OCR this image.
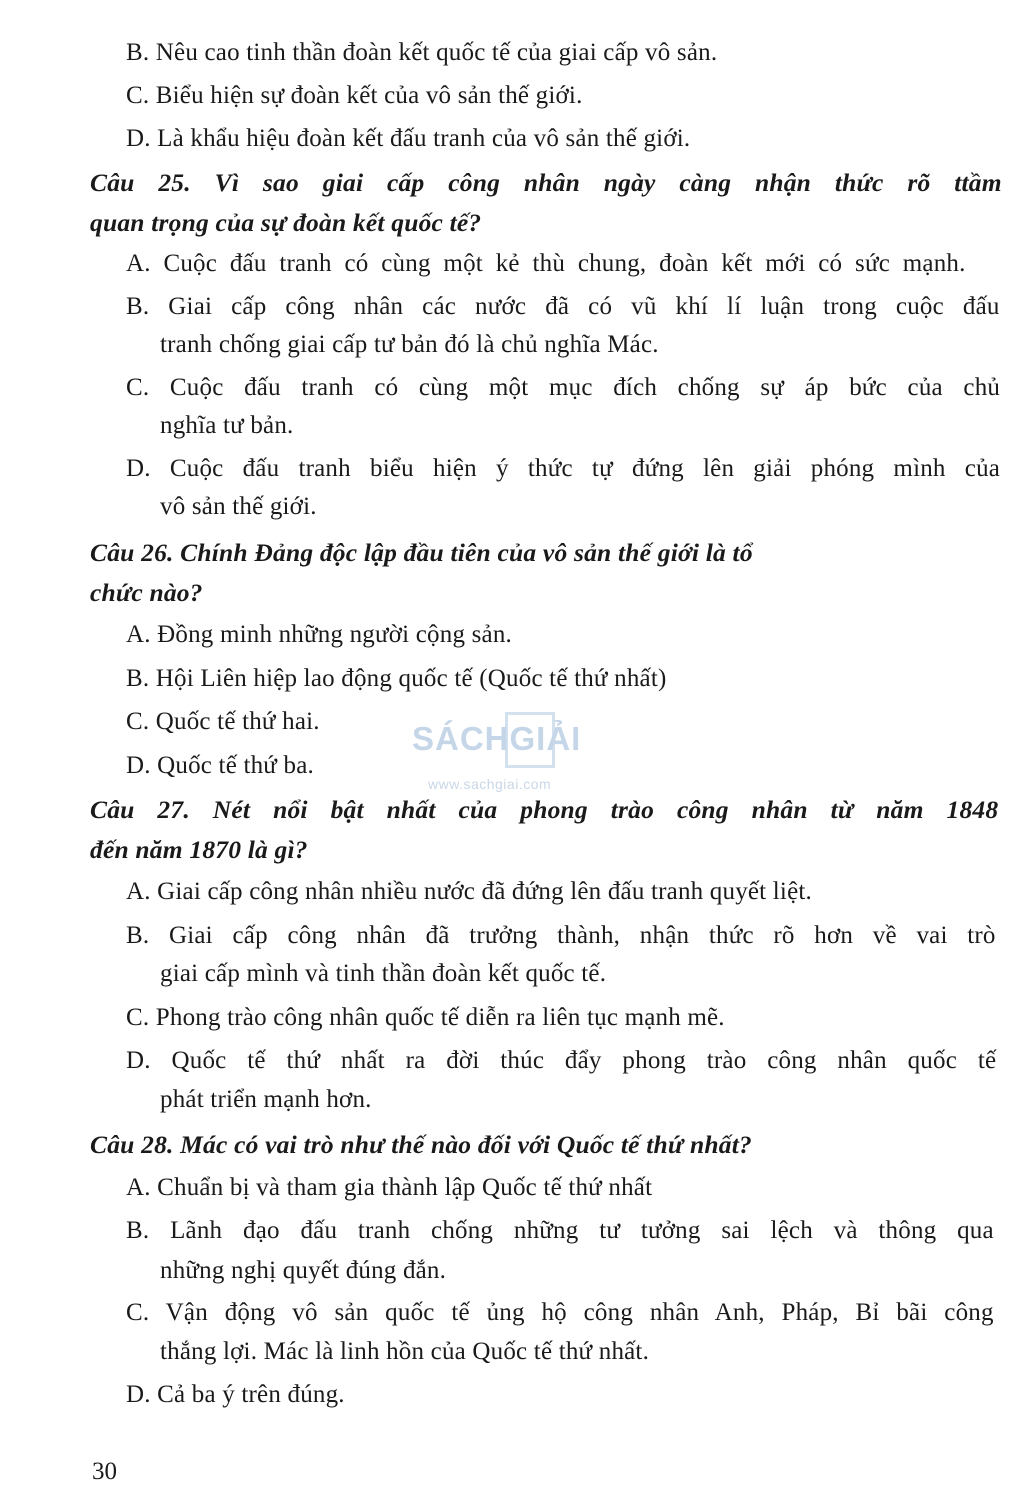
B. Nêu cao tinh thần đoàn kết quốc tế của giai cấp vô sản.
C. Biểu hiện sự đoàn kết của vô sản thế giới.
D. Là khẩu hiệu đoàn kết đấu tranh của vô sản thế giới.
Câu 25. Vì sao giai cấp công nhân ngày càng nhận thức rõ ttầm
quan trọng của sự đoàn kết quốc tế?
A. Cuộc đấu tranh có cùng một kẻ thù chung, đoàn kết mới có sức mạnh.
B. Giai cấp công nhân các nước đã có vũ khí lí luận trong cuộc đấu
tranh chống giai cấp tư bản đó là chủ nghĩa Mác.
C. Cuộc đấu tranh có cùng một mục đích chống sự áp bức của chủ
nghĩa tư bản.
D. Cuộc đấu tranh biểu hiện ý thức tự đứng lên giải phóng mình của
vô sản thế giới.
Câu 26. Chính Đảng độc lập đầu tiên của vô sản thế giới là tổ
chức nào?
A. Đồng minh những người cộng sản.
B. Hội Liên hiệp lao động quốc tế (Quốc tế thứ nhất)
C. Quốc tế thứ hai.
D. Quốc tế thứ ba.
SÁCHGIẢI
www.sachgiai.com
Câu 27. Nét nổi bật nhất của phong trào công nhân từ năm 1848
đến năm 1870 là gì?
A. Giai cấp công nhân nhiều nước đã đứng lên đấu tranh quyết liệt.
B. Giai cấp công nhân đã trưởng thành, nhận thức rõ hơn về vai trò
giai cấp mình và tinh thần đoàn kết quốc tế.
C. Phong trào công nhân quốc tế diễn ra liên tục mạnh mẽ.
D. Quốc tế thứ nhất ra đời thúc đẩy phong trào công nhân quốc tế
phát triển mạnh hơn.
Câu 28. Mác có vai trò như thế nào đối với Quốc tế thứ nhất?
A. Chuẩn bị và tham gia thành lập Quốc tế thứ nhất
B. Lãnh đạo đấu tranh chống những tư tưởng sai lệch và thông qua
những nghị quyết đúng đắn.
C. Vận động vô sản quốc tế ủng hộ công nhân Anh, Pháp, Bỉ bãi công
thắng lợi. Mác là linh hồn của Quốc tế thứ nhất.
D. Cả ba ý trên đúng.
30
